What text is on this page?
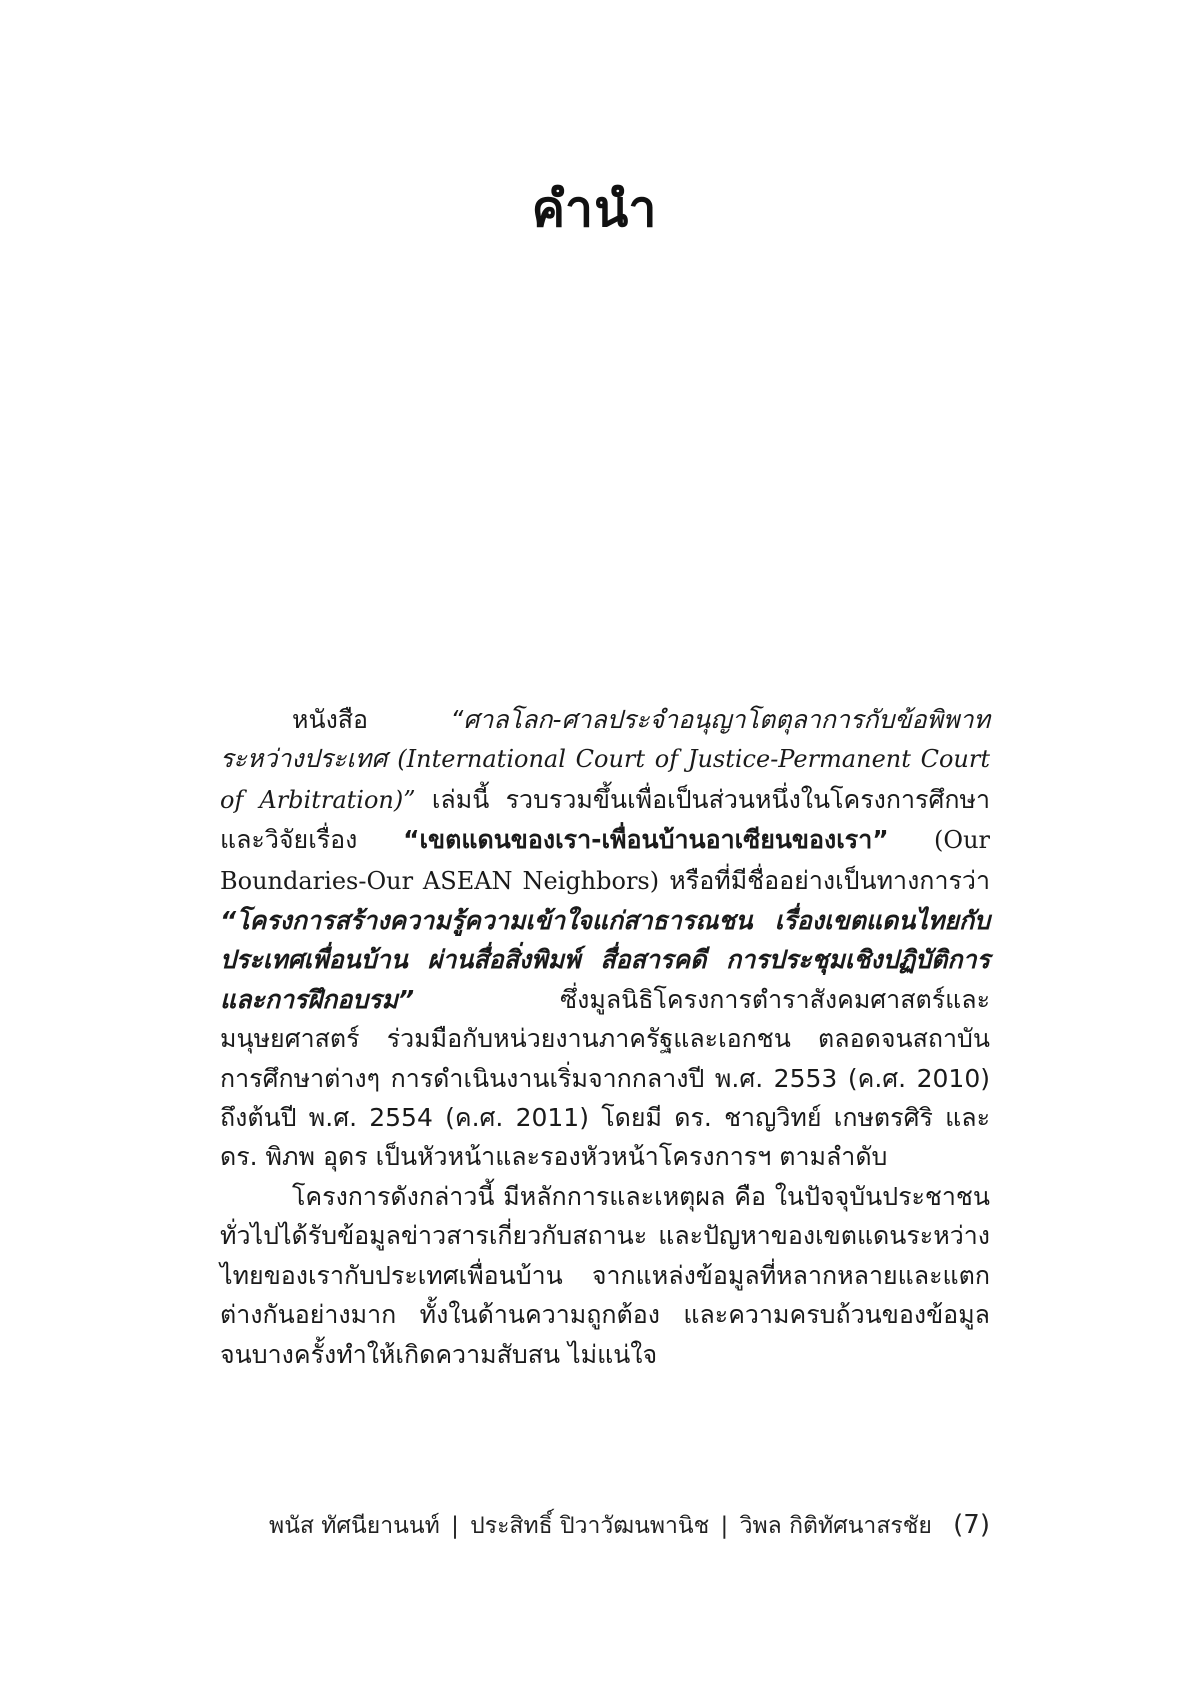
คำนำ

หนังสือ “ศาลโลก-ศาลประจำอนุญาโตตุลาการกับข้อพิพาทระหว่างประเทศ (International Court of Justice-Permanent Court of Arbitration)” เล่มนี้ รวบรวมขึ้นเพื่อเป็นส่วนหนึ่งในโครงการศึกษาและวิจัยเรื่อง “เขตแดนของเรา-เพื่อนบ้านอาเซียนของเรา” (Our Boundaries-Our ASEAN Neighbors) หรือที่มีชื่ออย่างเป็นทางการว่า “โครงการสร้างความรู้ความเข้าใจแก่สาธารณชน เรื่องเขตแดนไทยกับประเทศเพื่อนบ้าน ผ่านสื่อสิ่งพิมพ์ สื่อสารคดี การประชุมเชิงปฏิบัติการ และการฝึกอบรม” ซึ่งมูลนิธิโครงการตำราสังคมศาสตร์และมนุษยศาสตร์ ร่วมมือกับหน่วยงานภาครัฐและเอกชน ตลอดจนสถาบันการศึกษาต่างๆ การดำเนินงานเริ่มจากกลางปี พ.ศ. 2553 (ค.ศ. 2010) ถึงต้นปี พ.ศ. 2554 (ค.ศ. 2011) โดยมี ดร. ชาญวิทย์ เกษตรศิริ และ ดร. พิภพ อุดร เป็นหัวหน้าและรองหัวหน้าโครงการฯ ตามลำดับ

โครงการดังกล่าวนี้ มีหลักการและเหตุผล คือ ในปัจจุบันประชาชนทั่วไปได้รับข้อมูลข่าวสารเกี่ยวกับสถานะ และปัญหาของเขตแดนระหว่างไทยของเรากับประเทศเพื่อนบ้าน จากแหล่งข้อมูลที่หลากหลายและแตกต่างกันอย่างมาก ทั้งในด้านความถูกต้อง และความครบถ้วนของข้อมูล จนบางครั้งทำให้เกิดความสับสน ไม่แน่ใจ

พนัส ทัศนียานนท์ | ประสิทธิ์ ปิวาวัฒนพานิช | วิพล กิติทัศนาสรชัย (7)
